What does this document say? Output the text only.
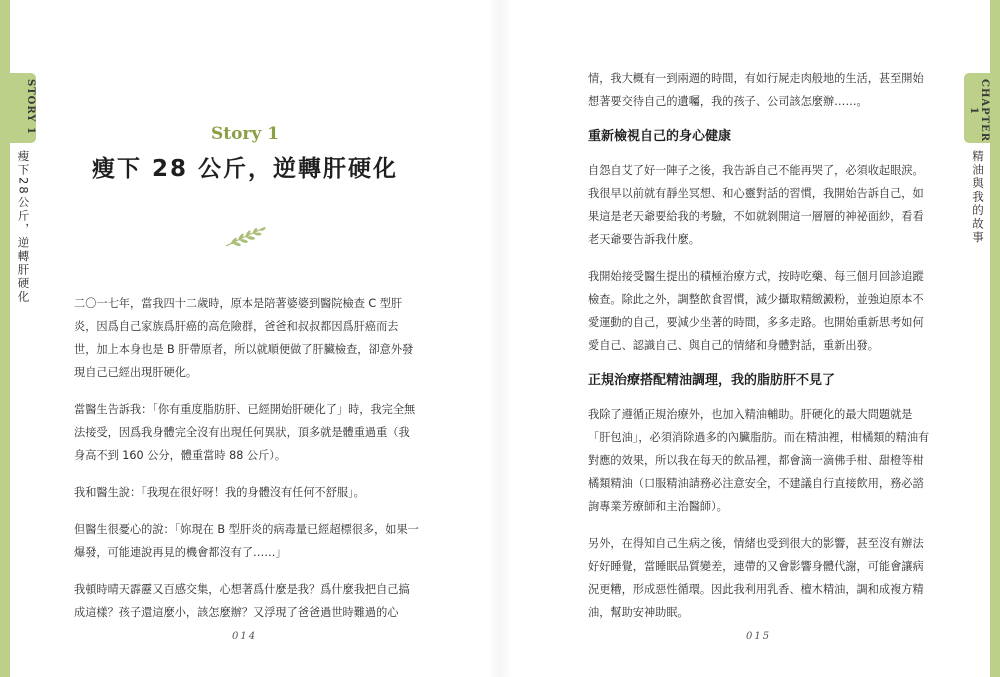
STORY 1
瘦下28公斤，逆轉肝硬化
Story 1
瘦下 28 公斤，逆轉肝硬化

二〇一七年，當我四十二歲時，原本是陪著婆婆到醫院檢查 C 型肝炎，因爲自己家族爲肝癌的高危險群，爸爸和叔叔都因爲肝癌而去世，加上本身也是 B 肝帶原者，所以就順便做了肝臟檢查，卻意外發現自己已經出現肝硬化。

當醫生告訴我：「你有重度脂肪肝、已經開始肝硬化了」時，我完全無法接受，因爲我身體完全沒有出現任何異狀，頂多就是體重過重（我身高不到 160 公分，體重當時 88 公斤）。

我和醫生說：「我現在很好呀！我的身體沒有任何不舒服」。

但醫生很憂心的說：「妳現在 B 型肝炎的病毒量已經超標很多，如果一爆發，可能連說再見的機會都沒有了……」

我頓時晴天霹靂又百感交集，心想著爲什麼是我？爲什麼我把自己搞成這樣？孩子還這麼小，該怎麼辦？又浮現了爸爸過世時難過的心

014
CHAPTER 1
精油與我的故事

情，我大概有一到兩週的時間，有如行屍走肉般地的生活，甚至開始想著要交待自己的遺囑，我的孩子、公司該怎麼辦……。

重新檢視自己的身心健康

自怨自艾了好一陣子之後，我告訴自己不能再哭了，必須收起眼淚。我很早以前就有靜坐冥想、和心靈對話的習慣，我開始告訴自己，如果這是老天爺要給我的考驗，不如就剝開這一層層的神祕面紗，看看老天爺要告訴我什麼。

我開始接受醫生提出的積極治療方式，按時吃藥、每三個月回診追蹤檢查。除此之外，調整飲食習慣，減少攝取精緻澱粉，並強迫原本不愛運動的自己，要減少坐著的時間，多多走路。也開始重新思考如何愛自己、認識自己、與自己的情緒和身體對話，重新出發。

正規治療搭配精油調理，我的脂肪肝不見了

我除了遵循正規治療外，也加入精油輔助。肝硬化的最大問題就是「肝包油」，必須消除過多的內臟脂肪。而在精油裡，柑橘類的精油有對應的效果，所以我在每天的飲品裡，都會滴一滴佛手柑、甜橙等柑橘類精油（口服精油請務必注意安全，不建議自行直接飲用，務必諮詢專業芳療師和主治醫師）。

另外，在得知自己生病之後，情緒也受到很大的影響，甚至沒有辦法好好睡覺，當睡眠品質變差，連帶的又會影響身體代謝，可能會讓病況更糟，形成惡性循環。因此我利用乳香、檀木精油，調和成複方精油，幫助安神助眠。

015
